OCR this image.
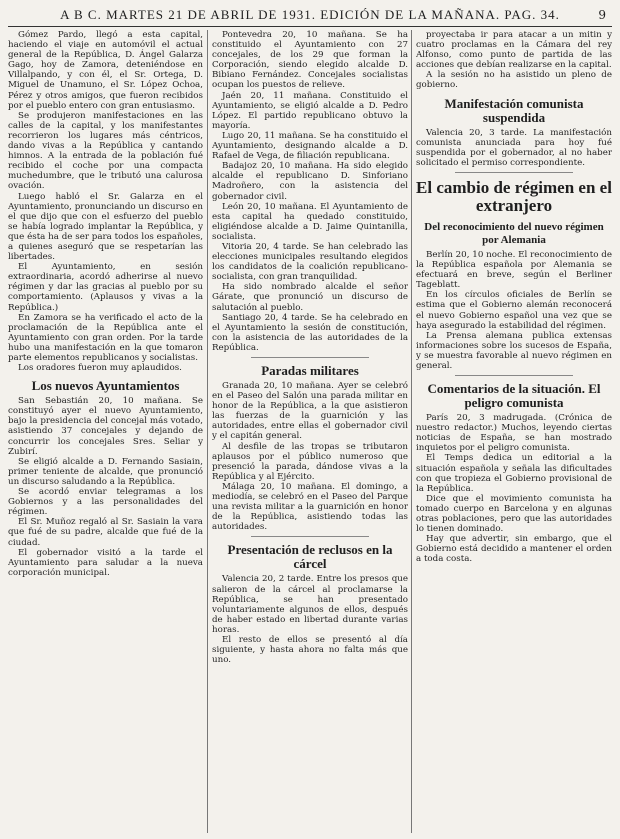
A B C. MARTES 21 DE ABRIL DE 1931. EDICIÓN DE LA MAÑANA. PAG. 34.	9

Gómez Pardo, llegó a esta capital, haciendo el viaje en automóvil el actual general de la República, D. Ángel Galarza Gago, hoy de Zamora, deteniéndose en Villalpando, y con él, el Sr. Ortega, D. Miguel de Unamuno, el Sr. López Ochoa, Pérez y otros amigos, que fueron recibidos por el pueblo entero con gran entusiasmo.

Se produjeron manifestaciones en las calles de la capital, y los manifestantes recorrieron los lugares más céntricos, dando vivas a la República y cantando himnos. A la entrada de la población fué recibido el coche por una compacta muchedumbre, que le tributó una calurosa ovación.

Luego habló el Sr. Galarza en el Ayuntamiento, pronunciando un discurso en el que dijo que con el esfuerzo del pueblo se había logrado implantar la República, y que ésta ha de ser para todos los españoles, a quienes aseguró que se respetarían las libertades.

El Ayuntamiento, en sesión extraordinaria, acordó adherirse al nuevo régimen y dar las gracias al pueblo por su comportamiento. (Aplausos y vivas a la República.)

En Zamora se ha verificado el acto de la proclamación de la República ante el Ayuntamiento con gran orden. Por la tarde hubo una manifestación en la que tomaron parte elementos republicanos y socialistas.

Los oradores fueron muy aplaudidos.

Los nuevos Ayuntamientos

San Sebastián 20, 10 mañana. Se constituyó ayer el nuevo Ayuntamiento, bajo la presidencia del concejal más votado, asistiendo 37 concejales y dejando de concurrir los concejales Sres. Seliar y Zubirí.

Se eligió alcalde a D. Fernando Sasiain, primer teniente de alcalde, que pronunció un discurso saludando a la República.

Se acordó enviar telegramas a los Gobiernos y a las personalidades del régimen.

El Sr. Muñoz regaló al Sr. Sasiain la vara que fué de su padre, alcalde que fué de la ciudad.

El gobernador visitó a la tarde el Ayuntamiento para saludar a la nueva corporación municipal.

Pontevedra 20, 10 mañana. Se ha constituido el Ayuntamiento con 27 concejales, de los 29 que forman la Corporación, siendo elegido alcalde D. Bibiano Fernández. Concejales socialistas ocupan los puestos de relieve.

Jaén 20, 11 mañana. Constituido el Ayuntamiento, se eligió alcalde a D. Pedro López. El partido republicano obtuvo la mayoría.

Lugo 20, 11 mañana. Se ha constituido el Ayuntamiento, designando alcalde a D. Rafael de Vega, de filiación republicana.

Badajoz 20, 10 mañana. Ha sido elegido alcalde el republicano D. Sinforiano Madroñero, con la asistencia del gobernador civil.

León 20, 10 mañana. El Ayuntamiento de esta capital ha quedado constituido, eligiéndose alcalde a D. Jaime Quintanilla, socialista.

Vitoria 20, 4 tarde. Se han celebrado las elecciones municipales resultando elegidos los candidatos de la coalición republicano-socialista, con gran tranquilidad.

Ha sido nombrado alcalde el señor Gárate, que pronunció un discurso de salutación al pueblo.

Santiago 20, 4 tarde. Se ha celebrado en el Ayuntamiento la sesión de constitución, con la asistencia de las autoridades de la República.

Paradas militares

Granada 20, 10 mañana. Ayer se celebró en el Paseo del Salón una parada militar en honor de la República, a la que asistieron las fuerzas de la guarnición y las autoridades, entre ellas el gobernador civil y el capitán general.

Al desfile de las tropas se tributaron aplausos por el público numeroso que presenció la parada, dándose vivas a la República y al Ejército.

Málaga 20, 10 mañana. El domingo, a mediodía, se celebró en el Paseo del Parque una revista militar a la guarnición en honor de la República, asistiendo todas las autoridades.

Presentación de reclusos en la cárcel

Valencia 20, 2 tarde. Entre los presos que salieron de la cárcel al proclamarse la República, se han presentado voluntariamente algunos de ellos, después de haber estado en libertad durante varias horas.

El resto de ellos se presentó al día siguiente, y hasta ahora no falta más que uno.

proyectaba ir para atacar a un mitin y cuatro proclamas en la Cámara del rey Alfonso, como punto de partida de las acciones que debían realizarse en la capital.

A la sesión no ha asistido un pleno de gobierno.

Manifestación comunista suspendida

Valencia 20, 3 tarde. La manifestación comunista anunciada para hoy fué suspendida por el gobernador, al no haber solicitado el permiso correspondiente.

El cambio de régimen en el extranjero
Del reconocimiento del nuevo régimen por Alemania

Berlín 20, 10 noche. El reconocimiento de la República española por Alemania se efectuará en breve, según el Berliner Tageblatt.

En los círculos oficiales de Berlín se estima que el Gobierno alemán reconocerá el nuevo Gobierno español una vez que se haya asegurado la estabilidad del régimen.

La Prensa alemana publica extensas informaciones sobre los sucesos de España, y se muestra favorable al nuevo régimen en general.

Comentarios de la situación. El peligro comunista

París 20, 3 madrugada. (Crónica de nuestro redactor.) Muchos, leyendo ciertas noticias de España, se han mostrado inquietos por el peligro comunista.

El Temps dedica un editorial a la situación española y señala las dificultades con que tropieza el Gobierno provisional de la República.

Dice que el movimiento comunista ha tomado cuerpo en Barcelona y en algunas otras poblaciones, pero que las autoridades lo tienen dominado.

Hay que advertir, sin embargo, que el Gobierno está decidido a mantener el orden a toda costa.
